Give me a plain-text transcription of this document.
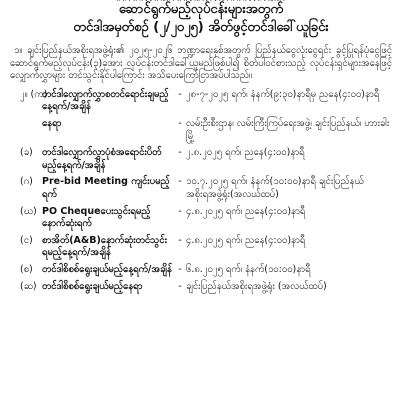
ဆောင်ရွက်မည့်လုပ်ငန်းများအတွက်
တင်ဒါအမှတ်စဉ် (၂/၂၀၂၅) အိတ်ဖွင့်တင်ဒါခေါ်ယူခြင်း
၁။ ချင်းပြည်နယ်အစိုးရအဖွဲ့ရုံး၏ ၂၀၂၅-၂၀၂၆ ဘဏ္ဍာရေးနှစ်အတွက် ပြည်နယ်ငွေလုံးငွေရင်း ခွင့်ပြုရန်ပုံငွေဖြင့် ဆောင်ရွက်မည့်လုပ်ငန်း(၃)ခုအား လုပ်ငန်းတင်ဒါခေါ်ယူမည်ဖြစ်ပါ၍ စိတ်ပါဝင်စားသည့် လုပ်ငန်းရှင်များအနေဖြင့် လျှောက်လွှာများ တင်သွင်းနိုင်ပါကြောင်း အသိပေးကြော်ငြာအပ်ပါသည်။
၂။ (က)
တင်ဒါလျှောက်လွှာစတင်ရောင်းချမည့်နေ့ရက်/အချိန်
- ၂၈-၇-၂၀၂၅ ရက်၊ နံနက်(၉:၃၀)နာရီမှ ညနေ(၄:၀၀)နာရီ
နေရာ	- လမ်းဦးစီးဌာန၊ လမ်းကြီးကြပ်ရေးအဖွဲ့၊ ချင်းပြည်နယ်၊ ဟားခါးမြို့
(ခ) တင်ဒါလျှောက်လွှာပုံစံအရောင်းပိတ်မည့်နေ့ရက်/အချိန်
- ၂.၈.၂၀၂၅ ရက်၊ ညနေ(၄:၀၀)နာရီ
(ဂ) Pre-bid Meeting ကျင်းပမည့်ရက်
- ၁၀.၇.၂၀၂၅ ရက်၊ နံနက်(၁၀:၀၀)နာရီ ချင်းပြည်နယ်အစိုးရအဖွဲ့ရုံး(အလယ်ထပ်)
(ဃ) PO Chequeပေးသွင်းရမည့်နောက်ဆုံးရက်
- ၄.၈.၂၀၂၅ ရက်၊ ညနေ(၄:၀၀)နာရီ
(င) စာအိတ်(A&B)နောက်ဆုံးတင်သွင်းရမည့်နေ့ရက်/အချိန်
- ၄.၈.၂၀၂၅ ရက်၊ ညနေ(၄:၀၀)နာရီ
(စ) တင်ဒါစိစစ်ရွေးချယ်မည့်နေ့ရက်/အချိန် - ၆.၈.၂၀၂၅ ရက်၊ နံနက်(၁၀:၀၀)နာရီ
(ဆ) တင်ဒါစိစစ်ရွေးချယ်မည့်နေရာ	- ချင်းပြည်နယ်အစိုးရအဖွဲ့ရုံး (အလယ်ထပ်)
